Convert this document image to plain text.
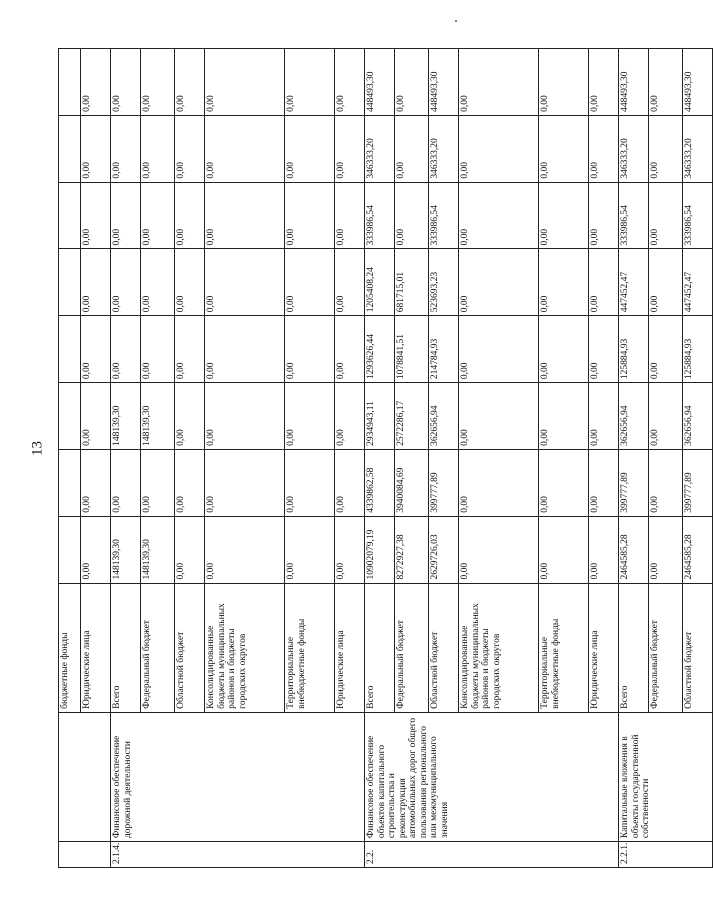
13
		бюджетные фонды								
		Юридические лица	0,00	0,00	0,00	0,00	0,00	0,00	0,00	0,00
2.1.4.	Финансовое обеспечение дорожной деятельности	Всего	148139,30	0,00	148139,30	0,00	0,00	0,00	0,00	0,00
		Федеральный бюджет	148139,30	0,00	148139,30	0,00	0,00	0,00	0,00	0,00
		Областной бюджет	0,00	0,00	0,00	0,00	0,00	0,00	0,00	0,00
		Консолидированные бюджеты муниципальных районов и бюджеты городских округов	0,00	0,00	0,00	0,00	0,00	0,00	0,00	0,00
		Территориальные внебюджетные фонды	0,00	0,00	0,00	0,00	0,00	0,00	0,00	0,00
		Юридические лица	0,00	0,00	0,00	0,00	0,00	0,00	0,00	0,00
2.2.	Финансовое обеспечение объектов капитального строительства и реконструкция автомобильных дорог общего пользования регионального или межмуниципального значения	Всего	10902079,19	4339862,58	2934943,11	1293626,44	1205408,24	333986,54	346333,20	448493,30
		Федеральный бюджет	8272927,38	3940084,69	2572286,17	1078841,51	681715,01	0,00	0,00	0,00
		Областной бюджет	2629726,03	399777,89	362656,94	214784,93	523693,23	333986,54	346333,20	448493,30
		Консолидированные бюджеты муниципальных районов и бюджеты городских округов	0,00	0,00	0,00	0,00	0,00	0,00	0,00	0,00
		Территориальные внебюджетные фонды	0,00	0,00	0,00	0,00	0,00	0,00	0,00	0,00
		Юридические лица	0,00	0,00	0,00	0,00	0,00	0,00	0,00	0,00
2.2.1.	Капитальные вложения в объекты государственной собственности	Всего	2464585,28	399777,89	362656,94	125884,93	447452,47	333986,54	346333,20	448493,30
		Федеральный бюджет	0,00	0,00	0,00	0,00	0,00	0,00	0,00	0,00
		Областной бюджет	2464585,28	399777,89	362656,94	125884,93	447452,47	333986,54	346333,20	448493,30
